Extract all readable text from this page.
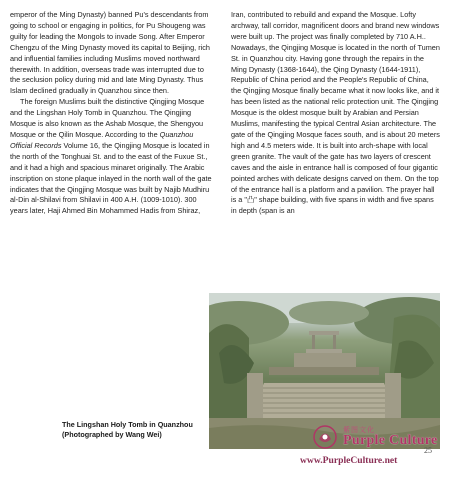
emperor of the Ming Dynasty) banned Pu's descendants from going to school or engaging in politics, for Pu Shougeng was guilty for leading the Mongols to invade Song. After Emperor Chengzu of the Ming Dynasty moved its capital to Beijing, rich and influential families including Muslims moved northward therewith. In addition, overseas trade was interrupted due to the seclusion policy during mid and late Ming Dynasty. Thus Islam declined gradually in Quanzhou since then.

The foreign Muslims built the distinctive Qingjing Mosque and the Lingshan Holy Tomb in Quanzhou. The Qingjing Mosque is also known as the Ashab Mosque, the Shengyou Mosque or the Qilin Mosque. According to the Quanzhou Official Records Volume 16, the Qingjing Mosque is located in the north of the Tonghuai St. and to the east of the Fuxue St., and it had a high and spacious minaret originally. The Arabic inscription on stone plaque inlayed in the north wall of the gate indicates that the Qingjing Mosque was built by Najib Mudhiru al-Din al-Shilavi from Shilavi in 400 A.H. (1009-1010). 300 years later, Haji Ahmed Bin Mohammed Hadis from Shiraz,

Iran, contributed to rebuild and expand the Mosque. Lofty archway, tall corridor, magnificent doors and brand new windows were built up. The project was finally completed by 710 A.H.. Nowadays, the Qingjing Mosque is located in the north of Tumen St. in Quanzhou city. Having gone through the repairs in the Ming Dynasty (1368-1644), the Qing Dynasty (1644-1911), Republic of China period and the People's Republic of China, the Qingjing Mosque finally became what it now looks like, and it has been listed as the national relic protection unit. The Qingjing Mosque is the oldest mosque built by Arabian and Persian Muslims, manifesting the typical Central Asian architecture. The gate of the Qingjing Mosque faces south, and is about 20 meters high and 4.5 meters wide. It is built into arch-shape with local green granite. The vault of the gate has two layers of crescent caves and the aisle in entrance hall is composed of four gigantic pointed arches with delicate designs carved on them. On the top of the entrance hall is a platform and a pavilion. The prayer hall is a "凸" shape building, with five spans in width and five spans in depth (span is an

The Lingshan Holy Tomb in Quanzhou
(Photographed by Wang Wei)
25
紫图文化
Purple Culture
www.PurpleCulture.net
